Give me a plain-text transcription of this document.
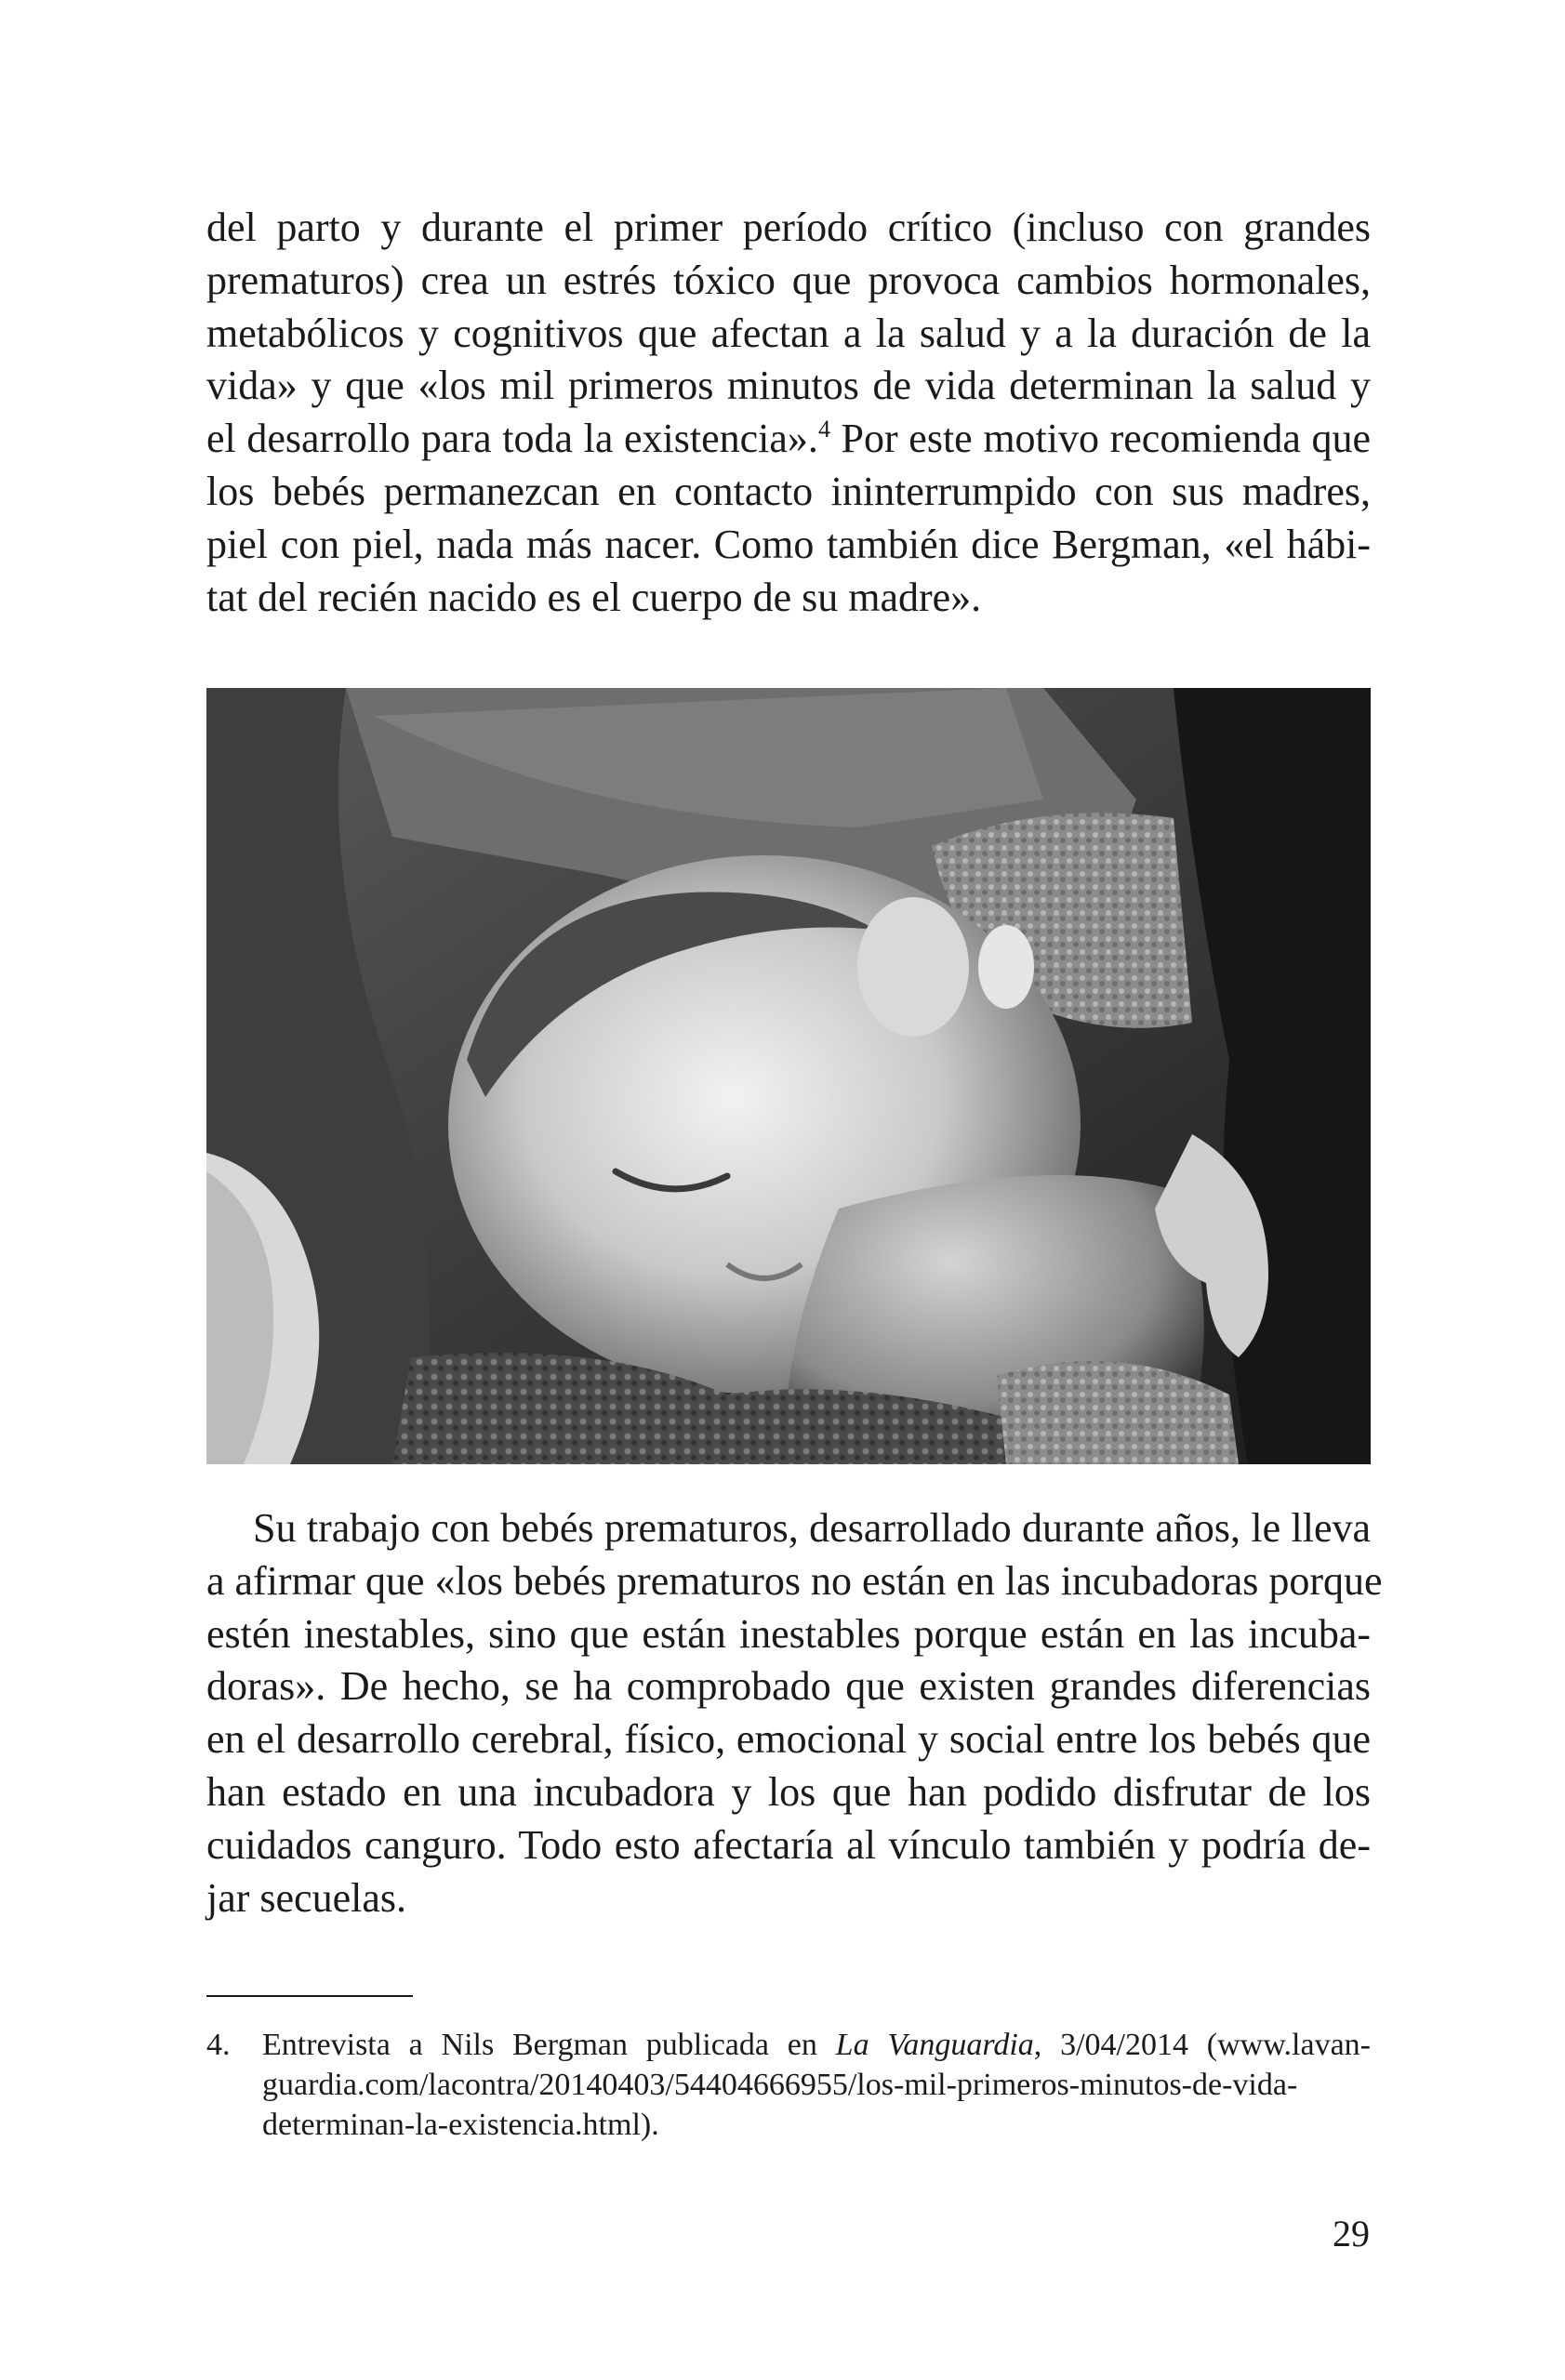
del parto y durante el primer período crítico (incluso con grandes
prematuros) crea un estrés tóxico que provoca cambios hormonales,
metabólicos y cognitivos que afectan a la salud y a la duración de la
vida» y que «los mil primeros minutos de vida determinan la salud y
el desarrollo para toda la existencia».$^4$ Por este motivo recomienda que
los bebés permanezcan en contacto ininterrumpido con sus madres,
piel con piel, nada más nacer. Como también dice Bergman, «el hábi-
tat del recién nacido es el cuerpo de su madre».

Su trabajo con bebés prematuros, desarrollado durante años, le lleva
a afirmar que «los bebés prematuros no están en las incubadoras porque
estén inestables, sino que están inestables porque están en las incuba-
doras». De hecho, se ha comprobado que existen grandes diferencias
en el desarrollo cerebral, físico, emocional y social entre los bebés que
han estado en una incubadora y los que han podido disfrutar de los
cuidados canguro. Todo esto afectaría al vínculo también y podría de-
jar secuelas.

4. Entrevista a Nils Bergman publicada en La Vanguardia, 3/04/2014 (www.lavan-
guardia.com/lacontra/20140403/54404666955/los-mil-primeros-minutos-de-vida-
determinan-la-existencia.html).
29
